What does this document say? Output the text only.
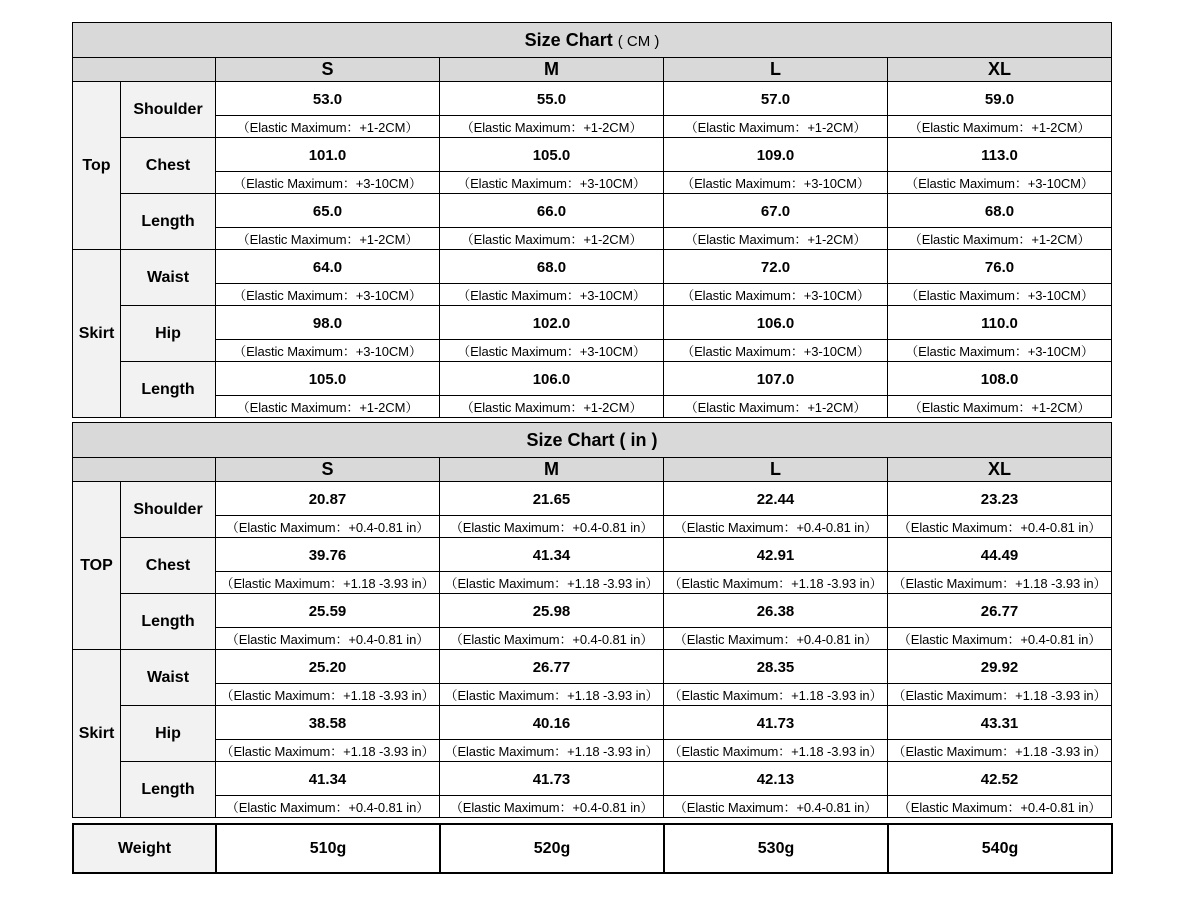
Size Chart ( CM )					
		S	M	L	XL
Top	Shoulder	53.0	55.0	57.0	59.0
		（Elastic Maximum：+1-2CM）	（Elastic Maximum：+1-2CM）	（Elastic Maximum：+1-2CM）	（Elastic Maximum：+1-2CM）
	Chest	101.0	105.0	109.0	113.0
		（Elastic Maximum：+3-10CM）	（Elastic Maximum：+3-10CM）	（Elastic Maximum：+3-10CM）	（Elastic Maximum：+3-10CM）
	Length	65.0	66.0	67.0	68.0
		（Elastic Maximum：+1-2CM）	（Elastic Maximum：+1-2CM）	（Elastic Maximum：+1-2CM）	（Elastic Maximum：+1-2CM）
Skirt	Waist	64.0	68.0	72.0	76.0
		（Elastic Maximum：+3-10CM）	（Elastic Maximum：+3-10CM）	（Elastic Maximum：+3-10CM）	（Elastic Maximum：+3-10CM）
	Hip	98.0	102.0	106.0	110.0
		（Elastic Maximum：+3-10CM）	（Elastic Maximum：+3-10CM）	（Elastic Maximum：+3-10CM）	（Elastic Maximum：+3-10CM）
	Length	105.0	106.0	107.0	108.0
		（Elastic Maximum：+1-2CM）	（Elastic Maximum：+1-2CM）	（Elastic Maximum：+1-2CM）	（Elastic Maximum：+1-2CM）
Size Chart ( in )					
		S	M	L	XL
TOP	Shoulder	20.87	21.65	22.44	23.23
		（Elastic Maximum：+0.4-0.81 in）	（Elastic Maximum：+0.4-0.81 in）	（Elastic Maximum：+0.4-0.81 in）	（Elastic Maximum：+0.4-0.81 in）
	Chest	39.76	41.34	42.91	44.49
		（Elastic Maximum：+1.18 -3.93 in）	（Elastic Maximum：+1.18 -3.93 in）	（Elastic Maximum：+1.18 -3.93 in）	（Elastic Maximum：+1.18 -3.93 in）
	Length	25.59	25.98	26.38	26.77
		（Elastic Maximum：+0.4-0.81 in）	（Elastic Maximum：+0.4-0.81 in）	（Elastic Maximum：+0.4-0.81 in）	（Elastic Maximum：+0.4-0.81 in）
Skirt	Waist	25.20	26.77	28.35	29.92
		（Elastic Maximum：+1.18 -3.93 in）	（Elastic Maximum：+1.18 -3.93 in）	（Elastic Maximum：+1.18 -3.93 in）	（Elastic Maximum：+1.18 -3.93 in）
	Hip	38.58	40.16	41.73	43.31
		（Elastic Maximum：+1.18 -3.93 in）	（Elastic Maximum：+1.18 -3.93 in）	（Elastic Maximum：+1.18 -3.93 in）	（Elastic Maximum：+1.18 -3.93 in）
	Length	41.34	41.73	42.13	42.52
		（Elastic Maximum：+0.4-0.81 in）	（Elastic Maximum：+0.4-0.81 in）	（Elastic Maximum：+0.4-0.81 in）	（Elastic Maximum：+0.4-0.81 in）
Weight	510g	520g	530g	540g
